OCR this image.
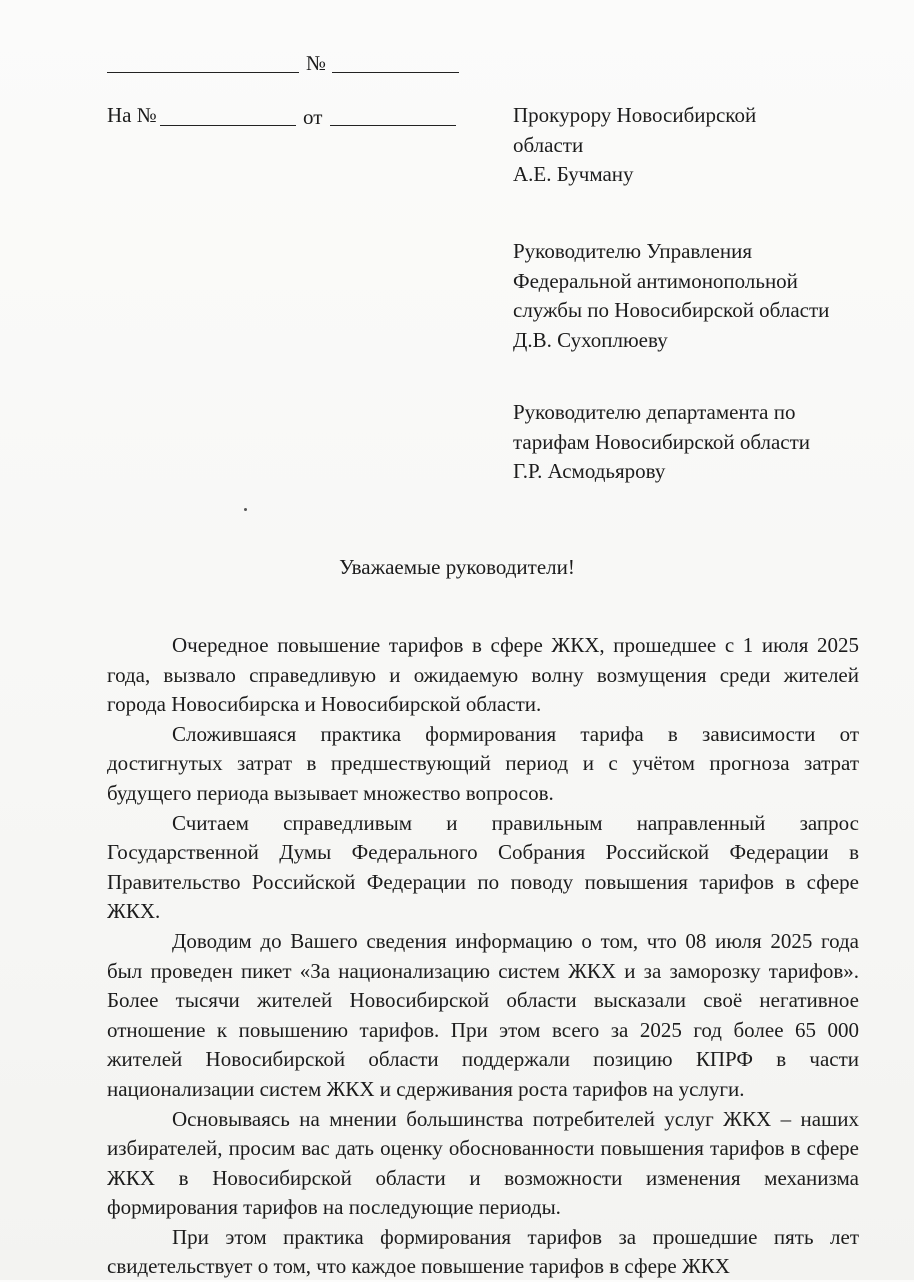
№
На №	от	Прокурору Новосибирской
области
А.Е. Бучману
Руководителю Управления
Федеральной антимонопольной
службы по Новосибирской области
Д.В. Сухоплюеву
Руководителю департамента по
тарифам Новосибирской области
Г.Р. Асмодьярову
Уважаемые руководители!

Очередное повышение тарифов в сфере ЖКХ, прошедшее с 1 июля 2025 года, вызвало справедливую и ожидаемую волну возмущения среди жителей города Новосибирска и Новосибирской области.

Сложившаяся практика формирования тарифа в зависимости от достигнутых затрат в предшествующий период и с учётом прогноза затрат будущего периода вызывает множество вопросов.

Считаем справедливым и правильным направленный запрос Государственной Думы Федерального Собрания Российской Федерации в Правительство Российской Федерации по поводу повышения тарифов в сфере ЖКХ.

Доводим до Вашего сведения информацию о том, что 08 июля 2025 года был проведен пикет «За национализацию систем ЖКХ и за заморозку тарифов». Более тысячи жителей Новосибирской области высказали своё негативное отношение к повышению тарифов. При этом всего за 2025 год более 65 000 жителей Новосибирской области поддержали позицию КПРФ в части национализации систем ЖКХ и сдерживания роста тарифов на услуги.

Основываясь на мнении большинства потребителей услуг ЖКХ – наших избирателей, просим вас дать оценку обоснованности повышения тарифов в сфере ЖКХ в Новосибирской области и возможности изменения механизма формирования тарифов на последующие периоды.

При этом практика формирования тарифов за прошедшие пять лет свидетельствует о том, что каждое повышение тарифов в сфере ЖКХ
